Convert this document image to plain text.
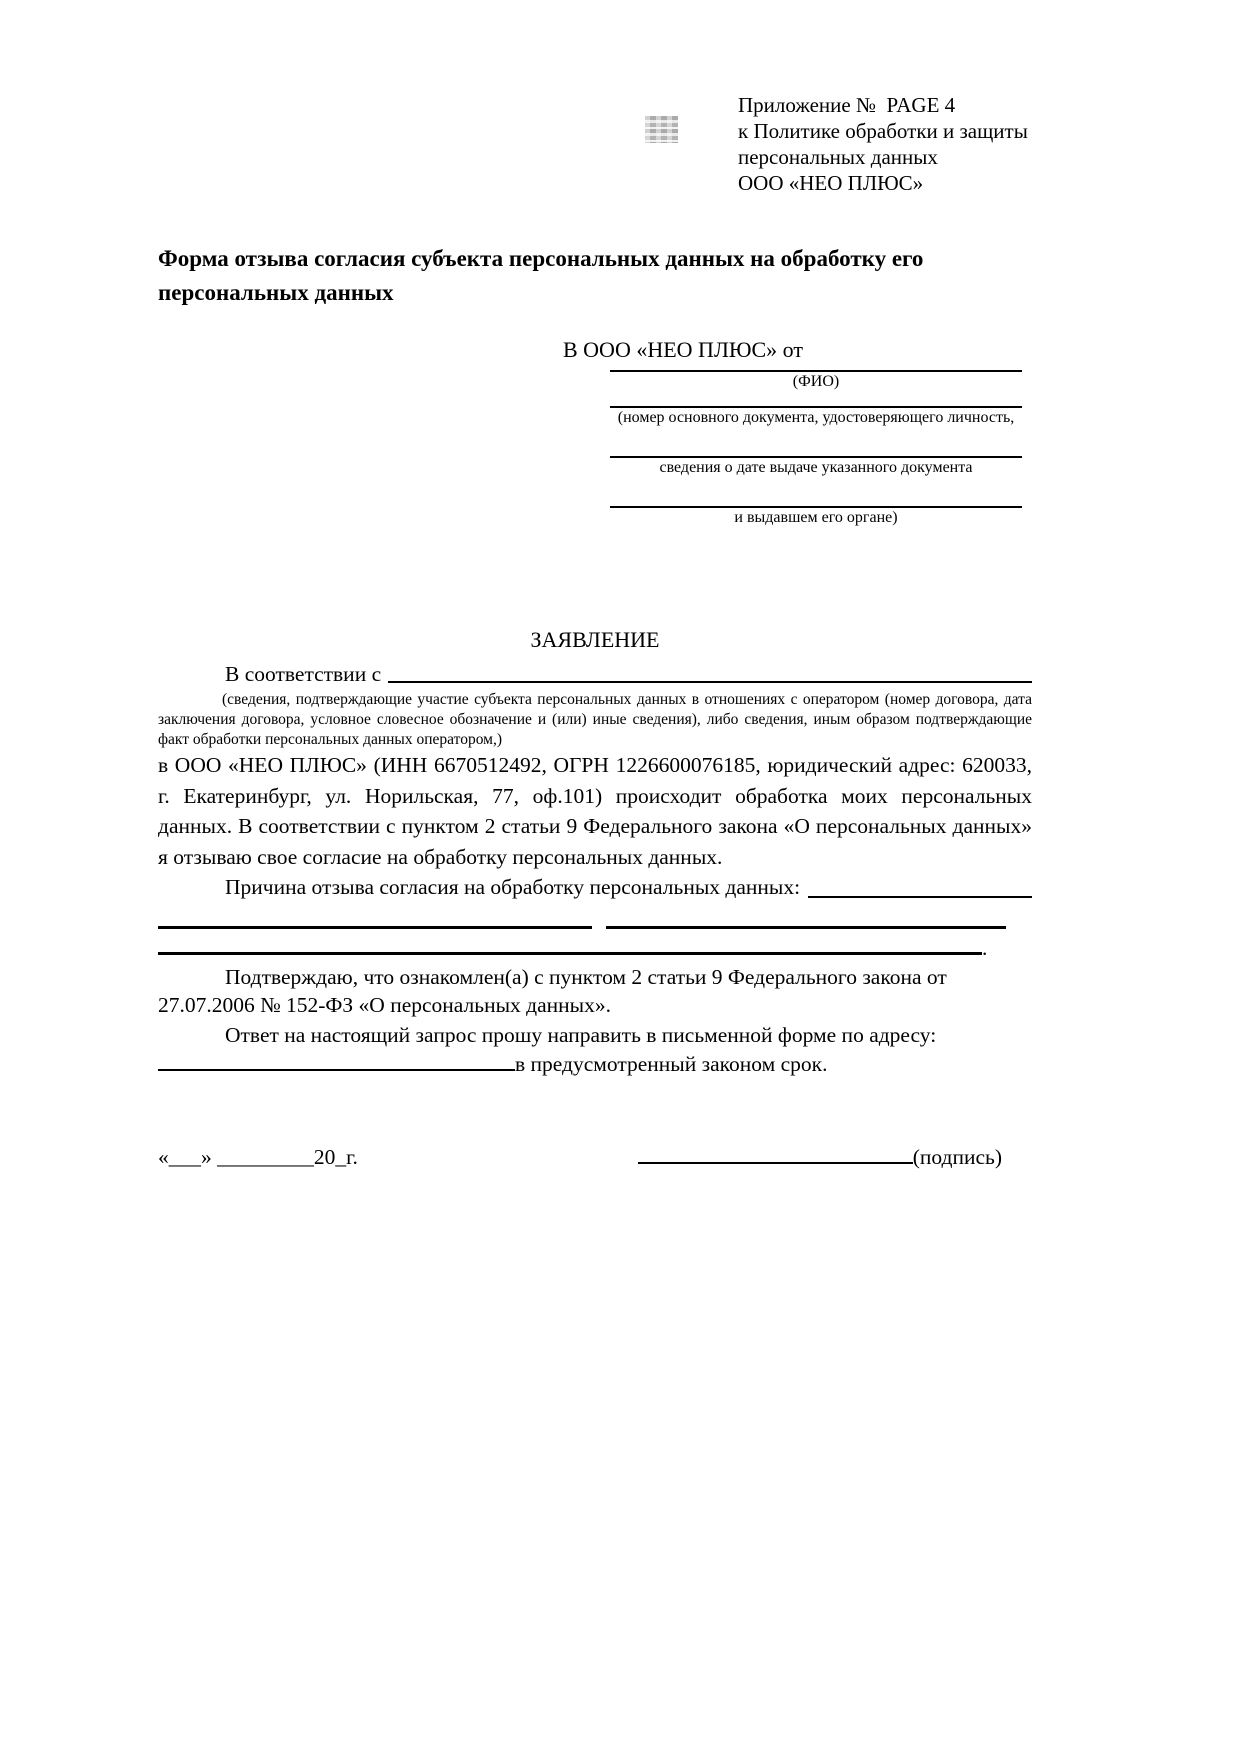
Приложение №  PAGE 4
к Политике обработки и защиты
персональных данных
ООО «НЕО ПЛЮС»
Форма отзыва согласия субъекта персональных данных на обработку его персональных данных
В ООО «НЕО ПЛЮС» от
(ФИО)
(номер основного документа, удостоверяющего личность,
сведения о дате выдаче указанного документа
и выдавшем его органе)
ЗАЯВЛЕНИЕ
В соответствии с

(сведения, подтверждающие участие субъекта персональных данных в отношениях с оператором (номер договора, дата заключения договора, условное словесное обозначение и (или) иные сведения), либо сведения, иным образом подтверждающие факт обработки персональных данных оператором,)

в ООО «НЕО ПЛЮС» (ИНН 6670512492, ОГРН 1226600076185, юридический адрес: 620033, г. Екатеринбург, ул. Норильская, 77, оф.101) происходит обработка моих персональных данных. В соответствии с пунктом 2 статьи 9 Федерального закона «О персональных данных» я отзываю свое согласие на обработку персональных данных.

Причина отзыва согласия на обработку персональных данных:
.

Подтверждаю, что ознакомлен(а) с пунктом 2 статьи 9 Федерального закона от 27.07.2006 № 152-ФЗ «О персональных данных».

Ответ на настоящий запрос прошу направить в письменной форме по адресу:

в предусмотренный законом срок.
«___» _________20_г.	(подпись)
